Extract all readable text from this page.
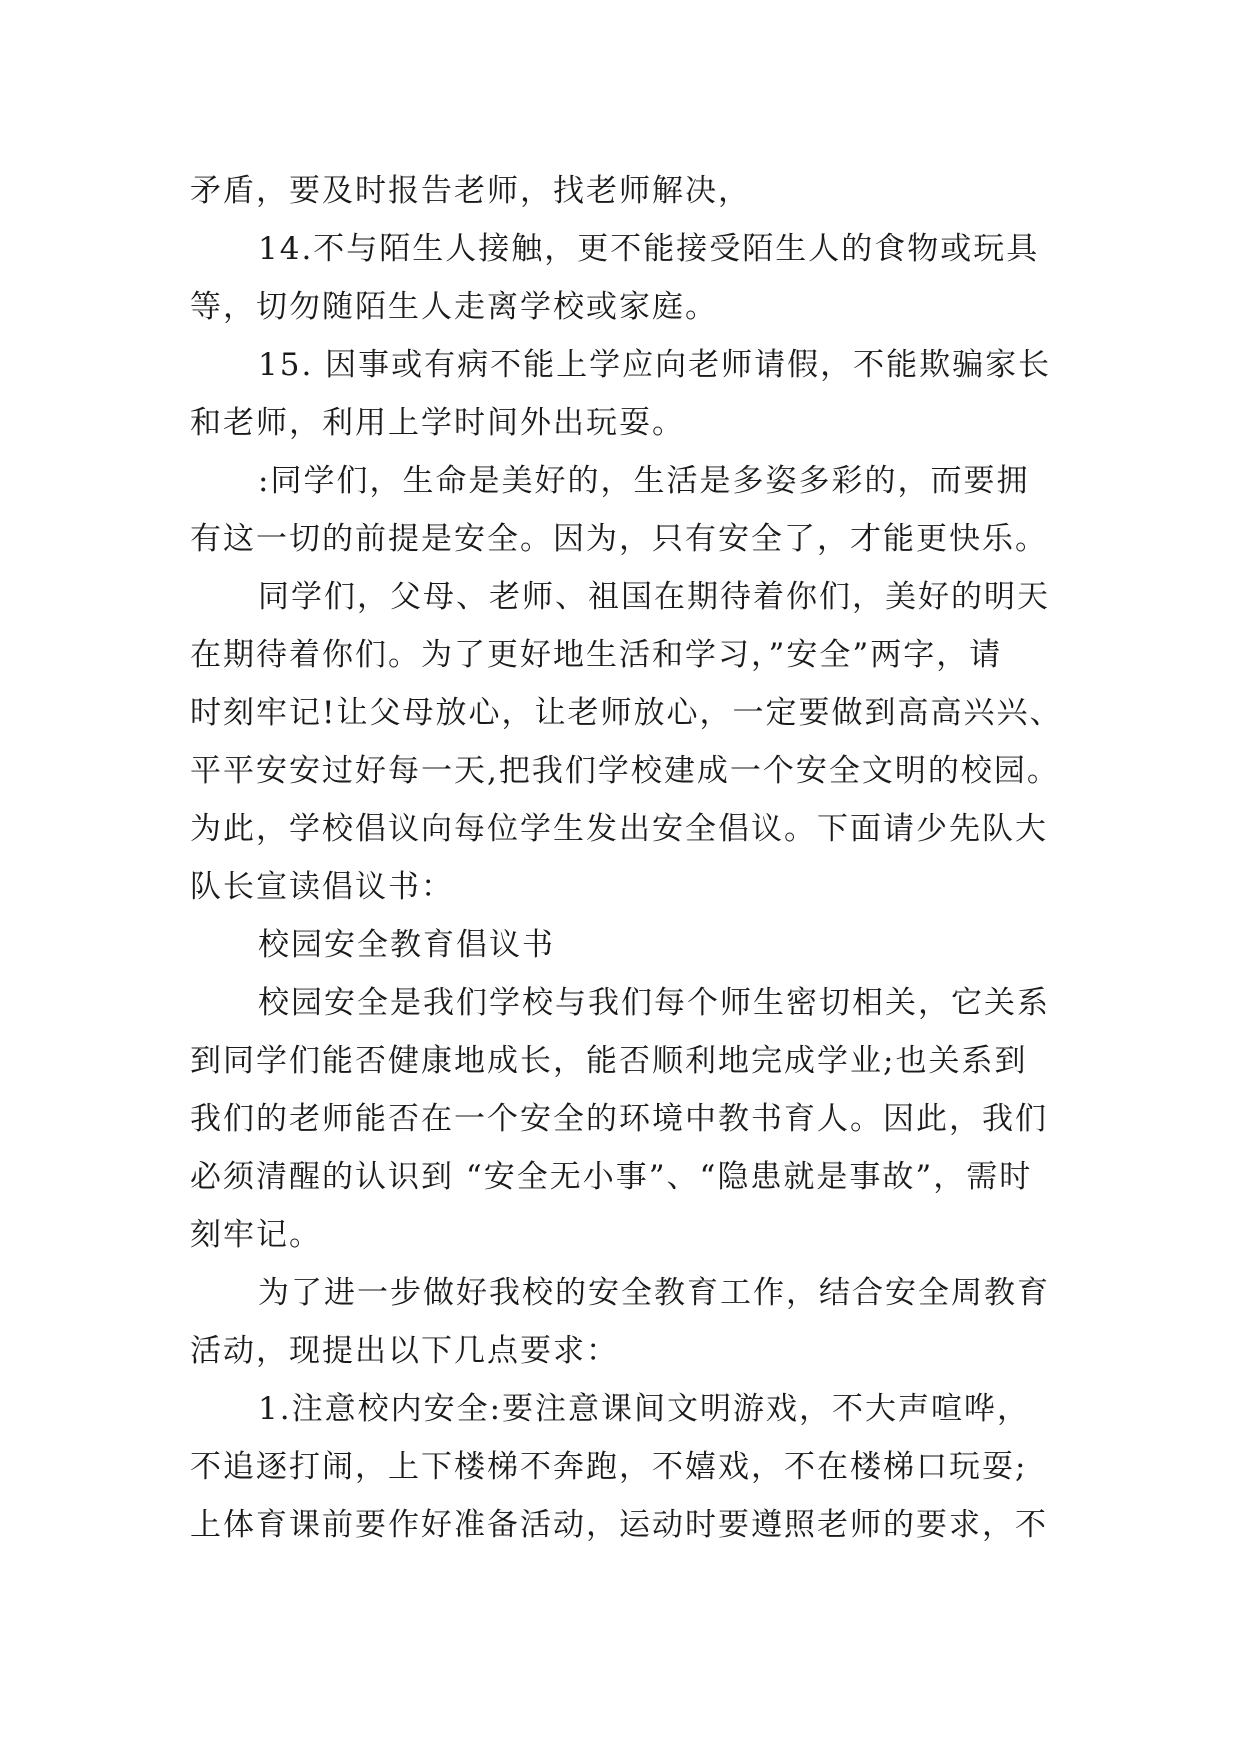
矛盾，要及时报告老师，找老师解决，
14.不与陌生人接触，更不能接受陌生人的食物或玩具
等，切勿随陌生人走离学校或家庭。
15. 因事或有病不能上学应向老师请假，不能欺骗家长
和老师，利用上学时间外出玩耍。
:同学们，生命是美好的，生活是多姿多彩的，而要拥
有这一切的前提是安全。因为，只有安全了，才能更快乐。
同学们，父母、老师、祖国在期待着你们，美好的明天
在期待着你们。为了更好地生活和学习，”安全”两字，请
时刻牢记!让父母放心，让老师放心，一定要做到高高兴兴、
平平安安过好每一天,把我们学校建成一个安全文明的校园。
为此，学校倡议向每位学生发出安全倡议。下面请少先队大
队长宣读倡议书：
校园安全教育倡议书
校园安全是我们学校与我们每个师生密切相关，它关系
到同学们能否健康地成长，能否顺利地完成学业;也关系到
我们的老师能否在一个安全的环境中教书育人。因此，我们
必须清醒的认识到 “安全无小事”、“隐患就是事故”，需时
刻牢记。
为了进一步做好我校的安全教育工作，结合安全周教育
活动，现提出以下几点要求：
1.注意校内安全:要注意课间文明游戏，不大声喧哗，
不追逐打闹，上下楼梯不奔跑，不嬉戏，不在楼梯口玩耍;
上体育课前要作好准备活动，运动时要遵照老师的要求，不
